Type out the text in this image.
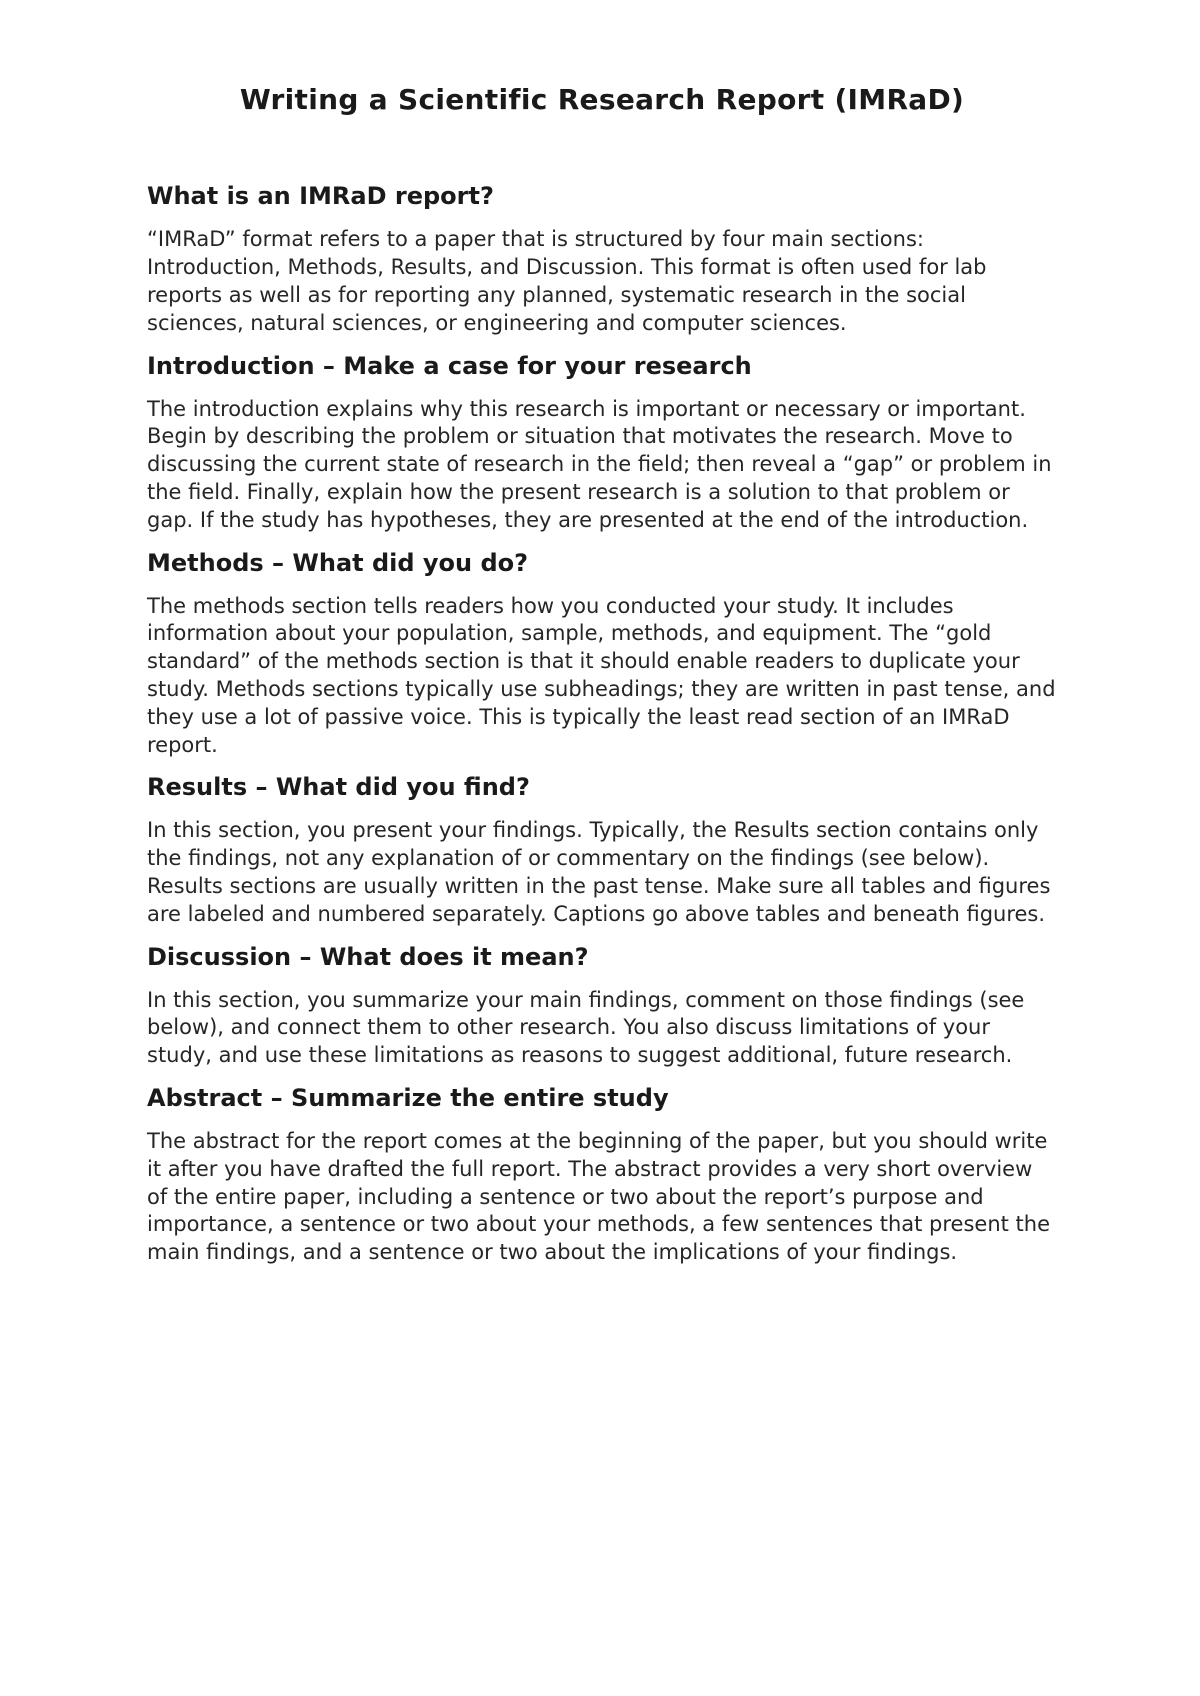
Writing a Scientific Research Report (IMRaD)
What is an IMRaD report?

“IMRaD” format refers to a paper that is structured by four main sections: Introduction, Methods, Results, and Discussion. This format is often used for lab reports as well as for reporting any planned, systematic research in the social sciences, natural sciences, or engineering and computer sciences.

Introduction – Make a case for your research

The introduction explains why this research is important or necessary or important. Begin by describing the problem or situation that motivates the research. Move to discussing the current state of research in the field; then reveal a “gap” or problem in the field. Finally, explain how the present research is a solution to that problem or gap. If the study has hypotheses, they are presented at the end of the introduction.

Methods – What did you do?

The methods section tells readers how you conducted your study. It includes information about your population, sample, methods, and equipment. The “gold standard” of the methods section is that it should enable readers to duplicate your study. Methods sections typically use subheadings; they are written in past tense, and they use a lot of passive voice. This is typically the least read section of an IMRaD report.

Results – What did you find?

In this section, you present your findings. Typically, the Results section contains only the findings, not any explanation of or commentary on the findings (see below). Results sections are usually written in the past tense. Make sure all tables and figures are labeled and numbered separately. Captions go above tables and beneath figures.

Discussion – What does it mean?

In this section, you summarize your main findings, comment on those findings (see below), and connect them to other research. You also discuss limitations of your study, and use these limitations as reasons to suggest additional, future research.

Abstract – Summarize the entire study

The abstract for the report comes at the beginning of the paper, but you should write it after you have drafted the full report. The abstract provides a very short overview of the entire paper, including a sentence or two about the report’s purpose and importance, a sentence or two about your methods, a few sentences that present the main findings, and a sentence or two about the implications of your findings.
